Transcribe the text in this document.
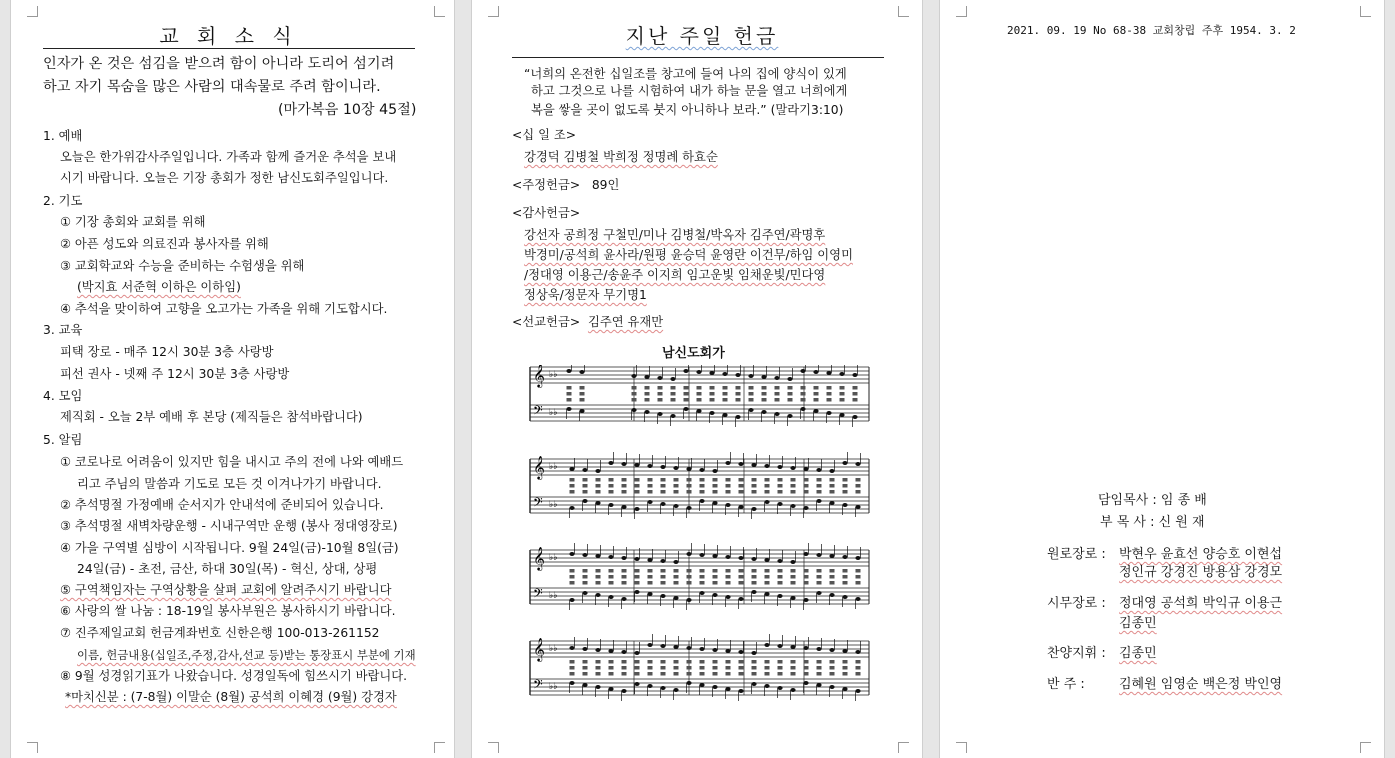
교 회 소 식
인자가 온 것은 섬김을 받으려 함이 아니라 도리어 섬기려
하고 자기 목숨을 많은 사람의 대속물로 주려 함이니라.
(마가복음 10장 45절)
1. 예배
오늘은 한가위감사주일입니다. 가족과 함께 즐거운 추석을 보내
시기 바랍니다. 오늘은 기장 총회가 정한 남신도회주일입니다.
2. 기도
① 기장 총회와 교회를 위해
② 아픈 성도와 의료진과 봉사자를 위해
③ 교회학교와 수능을 준비하는 수험생을 위해
(박지효 서준혁 이하은 이하임)
④ 추석을 맞이하여 고향을 오고가는 가족을 위해 기도합시다.
3. 교육
피택 장로 - 매주 12시 30분 3층 사랑방
피선 권사 - 넷째 주 12시 30분 3층 사랑방
4. 모임
제직회 - 오늘 2부 예배 후 본당 (제직들은 참석바랍니다)
5. 알림
① 코로나로 어려움이 있지만 힘을 내시고 주의 전에 나와 예배드
리고 주님의 말씀과 기도로 모든 것 이겨나가기 바랍니다.
② 추석명절 가정예배 순서지가 안내석에 준비되어 있습니다.
③ 추석명절 새벽차량운행 - 시내구역만 운행 (봉사 정대영장로)
④ 가을 구역별 심방이 시작됩니다. 9월 24일(금)-10월 8일(금)
24일(금) - 초전, 금산, 하대 30일(목) - 혁신, 상대, 상평
⑤ 구역책임자는 구역상황을 살펴 교회에 알려주시기 바랍니다
⑥ 사랑의 쌀 나눔 : 18-19일 봉사부원은 봉사하시기 바랍니다.
⑦ 진주제일교회 헌금계좌번호 신한은행 100-013-261152
이름, 헌금내용(십일조,주정,감사,선교 등)받는 통장표시 부분에 기재
⑧ 9월 성경읽기표가 나왔습니다. 성경일독에 힘쓰시기 바랍니다.
*마치신분 : (7-8월) 이말순 (8월) 공석희 이혜경 (9월) 강경자
지난 주일 헌금
“너희의 온전한 십일조를 창고에 들여 나의 집에 양식이 있게
하고 그것으로 나를 시험하여 내가 하늘 문을 열고 너희에게
복을 쌓을 곳이 없도록 붓지 아니하나 보라.” (말라기3:10)
<십 일 조>
강경덕 김병철 박희정 정명례 하효순
<주정헌금> 89인
<감사헌금>
강선자 공희정 구철민/미나 김병철/박옥자 김주연/곽명후
박경미/공석희 윤사라/원평 윤승덕 윤영란 이건무/하임 이영미
/정대영 이용근/송윤주 이지희 임고운빛 임채운빛/민다영
정상욱/정문자 무기명1
<선교헌금> 김주연 유재만
남신도회가
𝄞
𝄢
♭♭
♭♭
𝄞
𝄢
♭♭
♭♭
𝄞
𝄢
♭♭
♭♭
𝄞
𝄢
♭♭
♭♭
2021. 09. 19 No 68-38 교회창립 주후 1954. 3. 2
담임목사 : 임 종 배
부 목 사 : 신 원 재
원로장로 : 박현우 윤효선 양승호 이현섭
정인규 강경진 방용삼 강경모
시무장로 : 정대영 공석희 박익규 이용근
김종민
찬양지휘 : 김종민
반 주 :	김혜원 임영순 백은정 박인영
